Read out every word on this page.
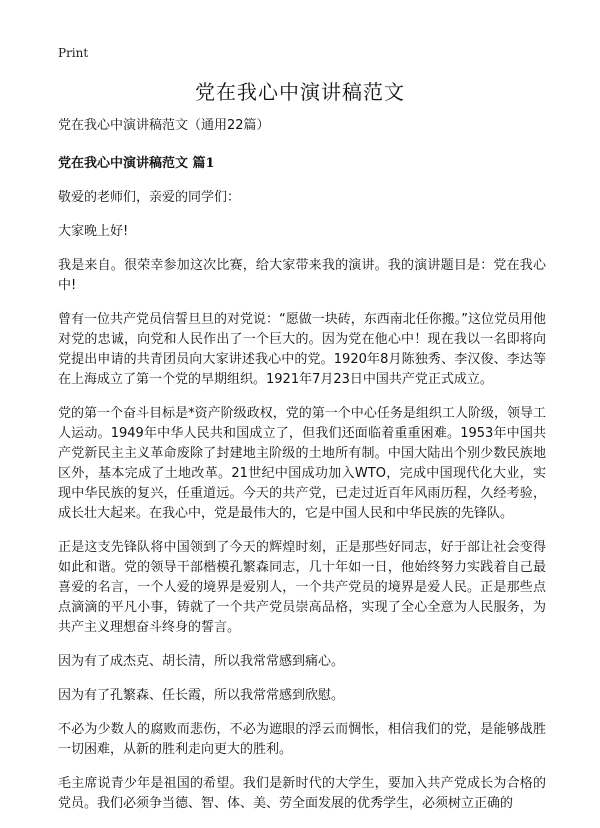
Print
党在我心中演讲稿范文

党在我心中演讲稿范文（通用22篇）

党在我心中演讲稿范文 篇1

敬爱的老师们，亲爱的同学们：

大家晚上好!

我是来自。很荣幸参加这次比赛，给大家带来我的演讲。我的演讲题目是：党在我心中!

曾有一位共产党员信誓旦旦的对党说：“愿做一块砖，东西南北任你搬。”这位党员用他对党的忠诚，向党和人民作出了一个巨大的。因为党在他心中！现在我以一名即将向党提出申请的共青团员向大家讲述我心中的党。1920年8月陈独秀、李汉俊、李达等在上海成立了第一个党的早期组织。1921年7月23日中国共产党正式成立。

党的第一个奋斗目标是*资产阶级政权，党的第一个中心任务是组织工人阶级，领导工人运动。1949年中华人民共和国成立了，但我们还面临着重重困难。1953年中国共产党新民主主义革命废除了封建地主阶级的土地所有制。中国大陆出个别少数民族地区外，基本完成了土地改革。21世纪中国成功加入WTO，完成中国现代化大业，实现中华民族的复兴，任重道远。今天的共产党，已走过近百年风雨历程，久经考验，成长壮大起来。在我心中，党是最伟大的，它是中国人民和中华民族的先锋队。

正是这支先锋队将中国领到了今天的辉煌时刻，正是那些好同志，好于部让社会变得如此和谐。党的领导干部楷模孔繁森同志，几十年如一日，他始终努力实践着自己最喜爱的名言，一个人爱的境界是爱别人，一个共产党员的境界是爱人民。正是那些点点滴滴的平凡小事，铸就了一个共产党员崇高品格，实现了全心全意为人民服务，为共产主义理想奋斗终身的誓言。

因为有了成杰克、胡长清，所以我常常感到痛心。

因为有了孔繁森、任长霞，所以我常常感到欣慰。

不必为少数人的腐败而悲伤，不必为遮眼的浮云而惆怅，相信我们的党，是能够战胜一切困难，从新的胜利走向更大的胜利。

毛主席说青少年是祖国的希望。我们是新时代的大学生，要加入共产党成长为合格的党员。我们必须争当德、智、体、美、劳全面发展的优秀学生，必须树立正确的
